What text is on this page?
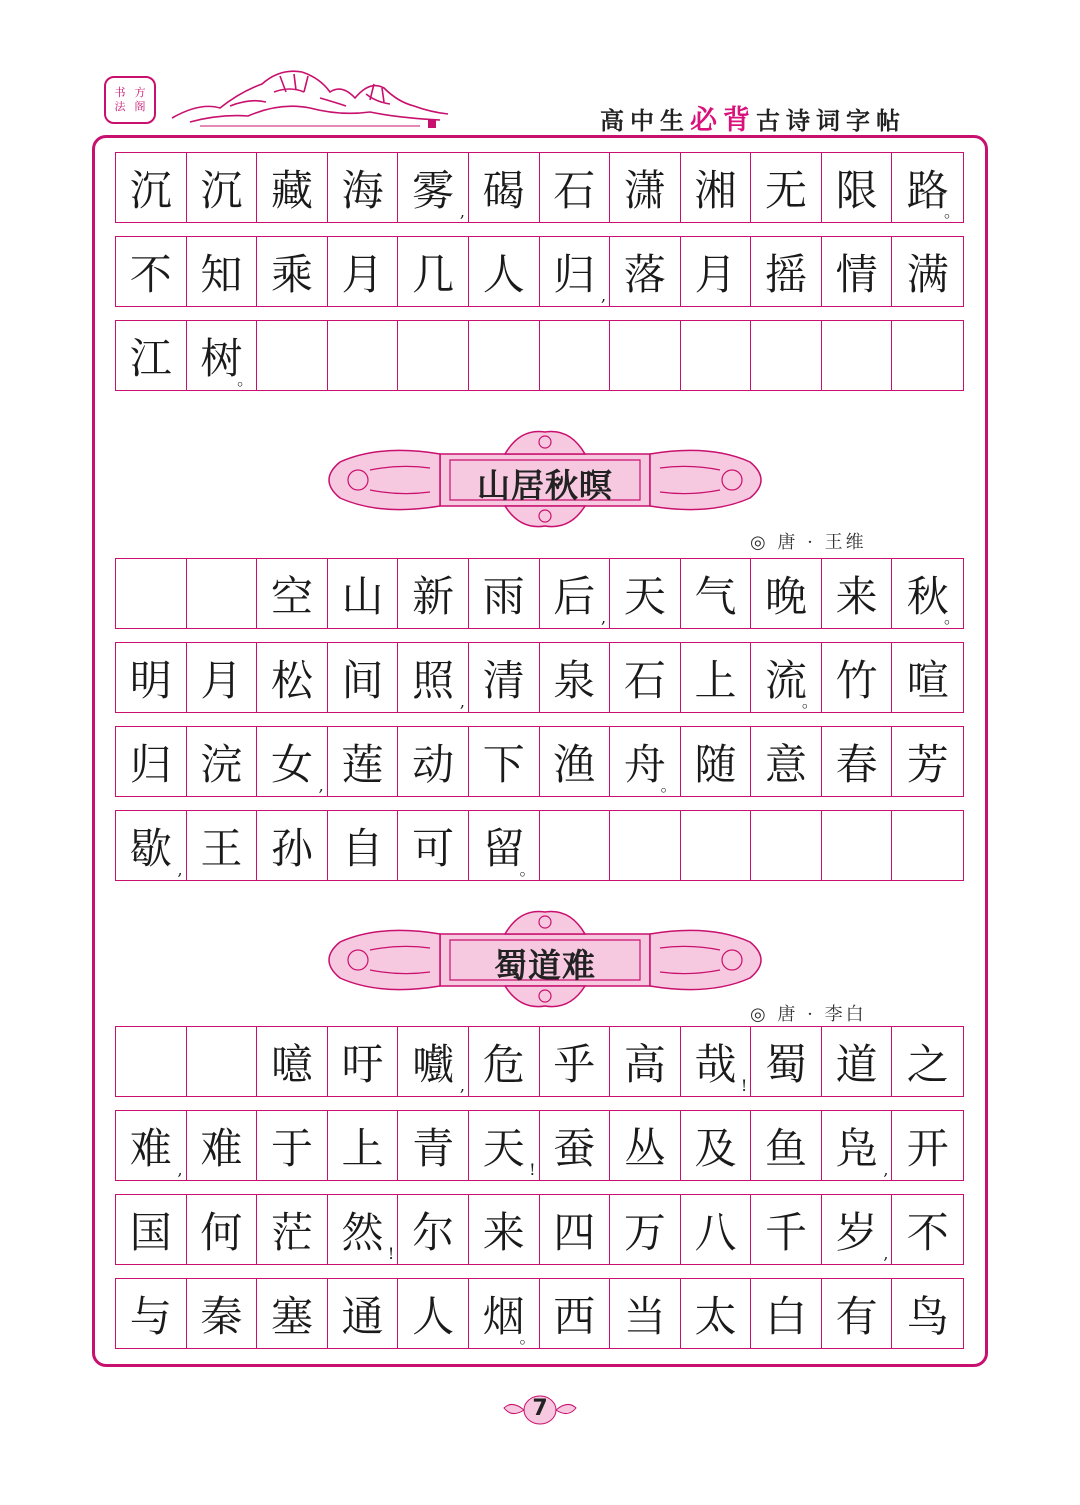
书 方
法 阁
高中生必背古诗词字帖
沉 沉 藏 海 雾 , 碣 石 潇 湘 无 限 路
。
不 知 乘 月 几 人 归 , 落 月 摇 情 满
江 树
。
山居秋暝
◎ 唐 · 王维
空 山 新 雨 后 , 天 气 晚 来 秋
。
明 月 松 间 照 , 清 泉 石 上 流
。 竹 喧
归 浣 女 , 莲 动 下 渔 舟
。 随 意 春 芳
歇 , 王 孙 自 可 留
。
蜀道难
◎ 唐 · 李白
噫 吁 嚱 , 危 乎 高 哉 ! 蜀 道 之
难 , 难 于 上 青 天 ! 蚕 丛 及 鱼 凫 , 开
国 何 茫 然 ! 尔 来 四 万 八 千 岁 , 不
与 秦 塞 通 人 烟
。 西 当 太 白 有 鸟
7
